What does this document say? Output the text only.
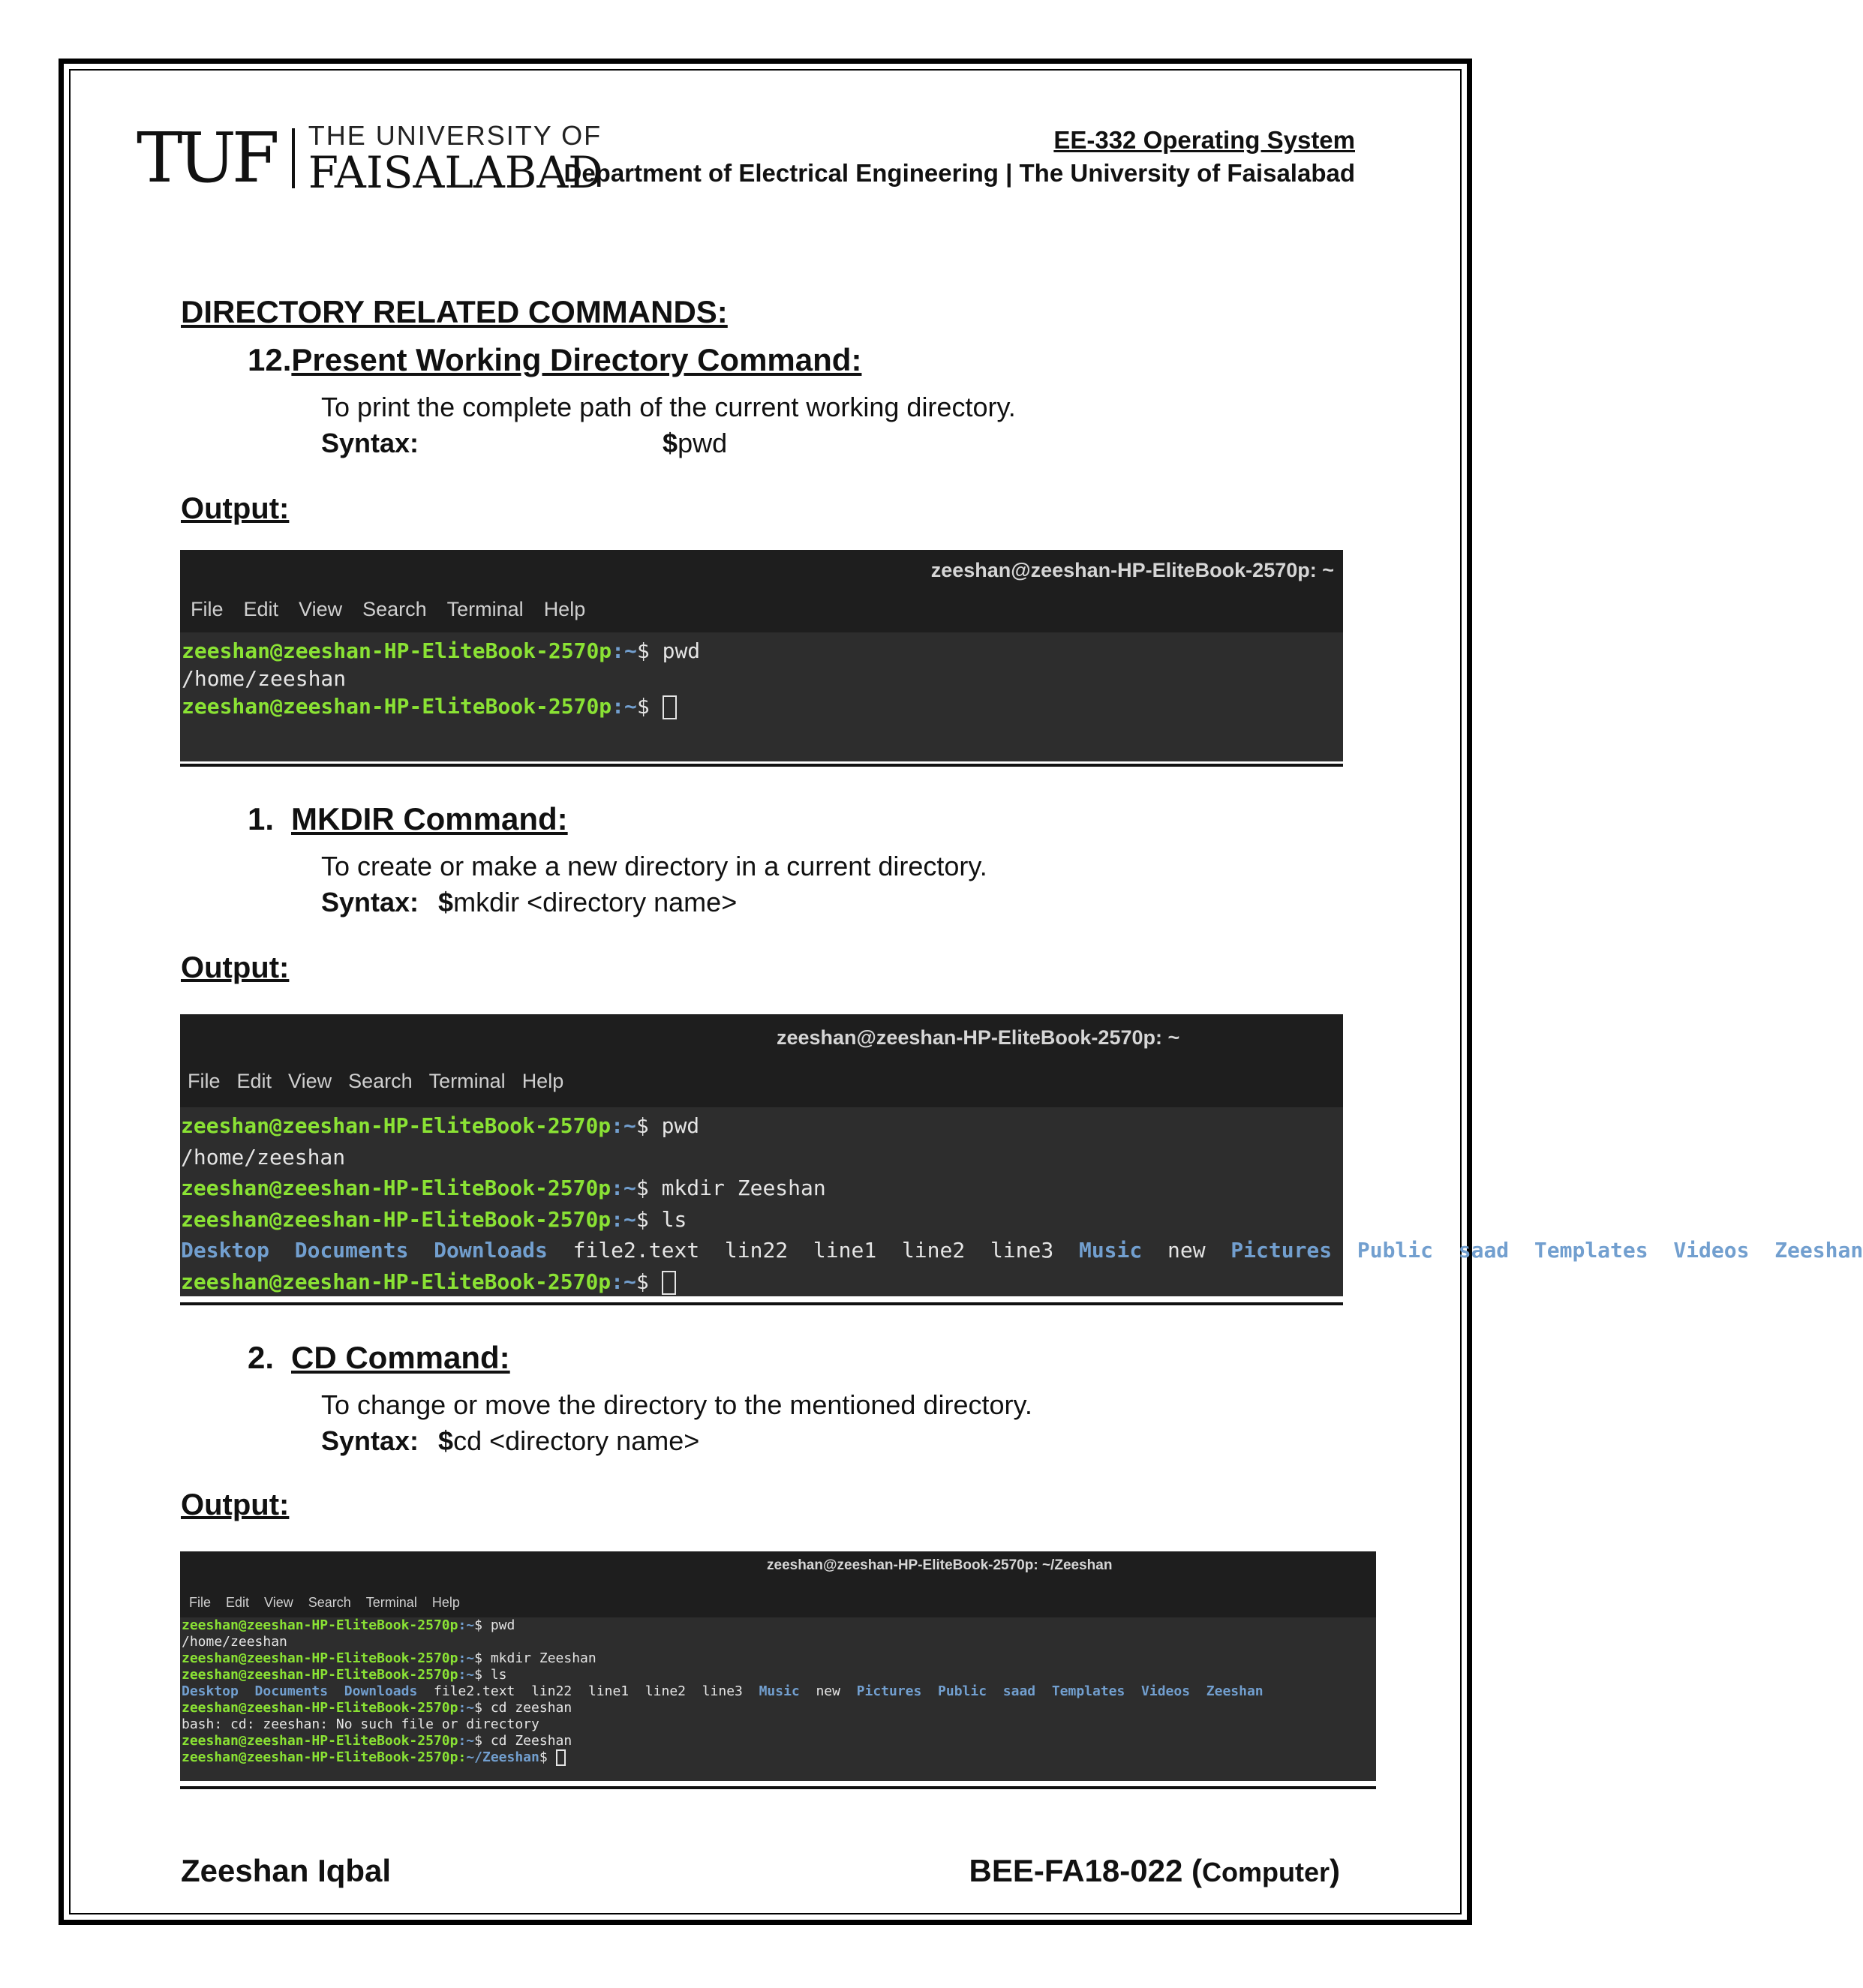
TUF THE UNIVERSITY OF
FAISALABAD
EE-332 Operating System
Department of Electrical Engineering | The University of Faisalabad
DIRECTORY RELATED COMMANDS:
12.Present Working Directory Command:
To print the complete path of the current working directory.
Syntax:	$pwd
Output:
zeeshan@zeeshan-HP-EliteBook-2570p: ~
File Edit View Search Terminal Help
zeeshan@zeeshan-HP-EliteBook-2570p:~$ pwd
/home/zeeshan
zeeshan@zeeshan-HP-EliteBook-2570p:~$
1. MKDIR Command:
To create or make a new directory in a current directory.
Syntax: $mkdir <directory name>
Output:
zeeshan@zeeshan-HP-EliteBook-2570p: ~
File Edit View Search Terminal Help
zeeshan@zeeshan-HP-EliteBook-2570p:~$ pwd
/home/zeeshan
zeeshan@zeeshan-HP-EliteBook-2570p:~$ mkdir Zeeshan
zeeshan@zeeshan-HP-EliteBook-2570p:~$ ls
Desktop Documents Downloads file2.text lin22 line1 line2 line3 Music new Pictures Public saad Templates Videos Zeeshan
zeeshan@zeeshan-HP-EliteBook-2570p:~$
2. CD Command:
To change or move the directory to the mentioned directory.
Syntax: $cd <directory name>
Output:
zeeshan@zeeshan-HP-EliteBook-2570p: ~/Zeeshan
File Edit View Search Terminal Help
zeeshan@zeeshan-HP-EliteBook-2570p:~$ pwd
/home/zeeshan
zeeshan@zeeshan-HP-EliteBook-2570p:~$ mkdir Zeeshan
zeeshan@zeeshan-HP-EliteBook-2570p:~$ ls
Desktop Documents Downloads file2.text lin22 line1 line2 line3 Music new Pictures Public saad Templates Videos Zeeshan
zeeshan@zeeshan-HP-EliteBook-2570p:~$ cd zeeshan
bash: cd: zeeshan: No such file or directory
zeeshan@zeeshan-HP-EliteBook-2570p:~$ cd Zeeshan
zeeshan@zeeshan-HP-EliteBook-2570p:~/Zeeshan$
Zeeshan Iqbal	BEE-FA18-022 (Computer)
